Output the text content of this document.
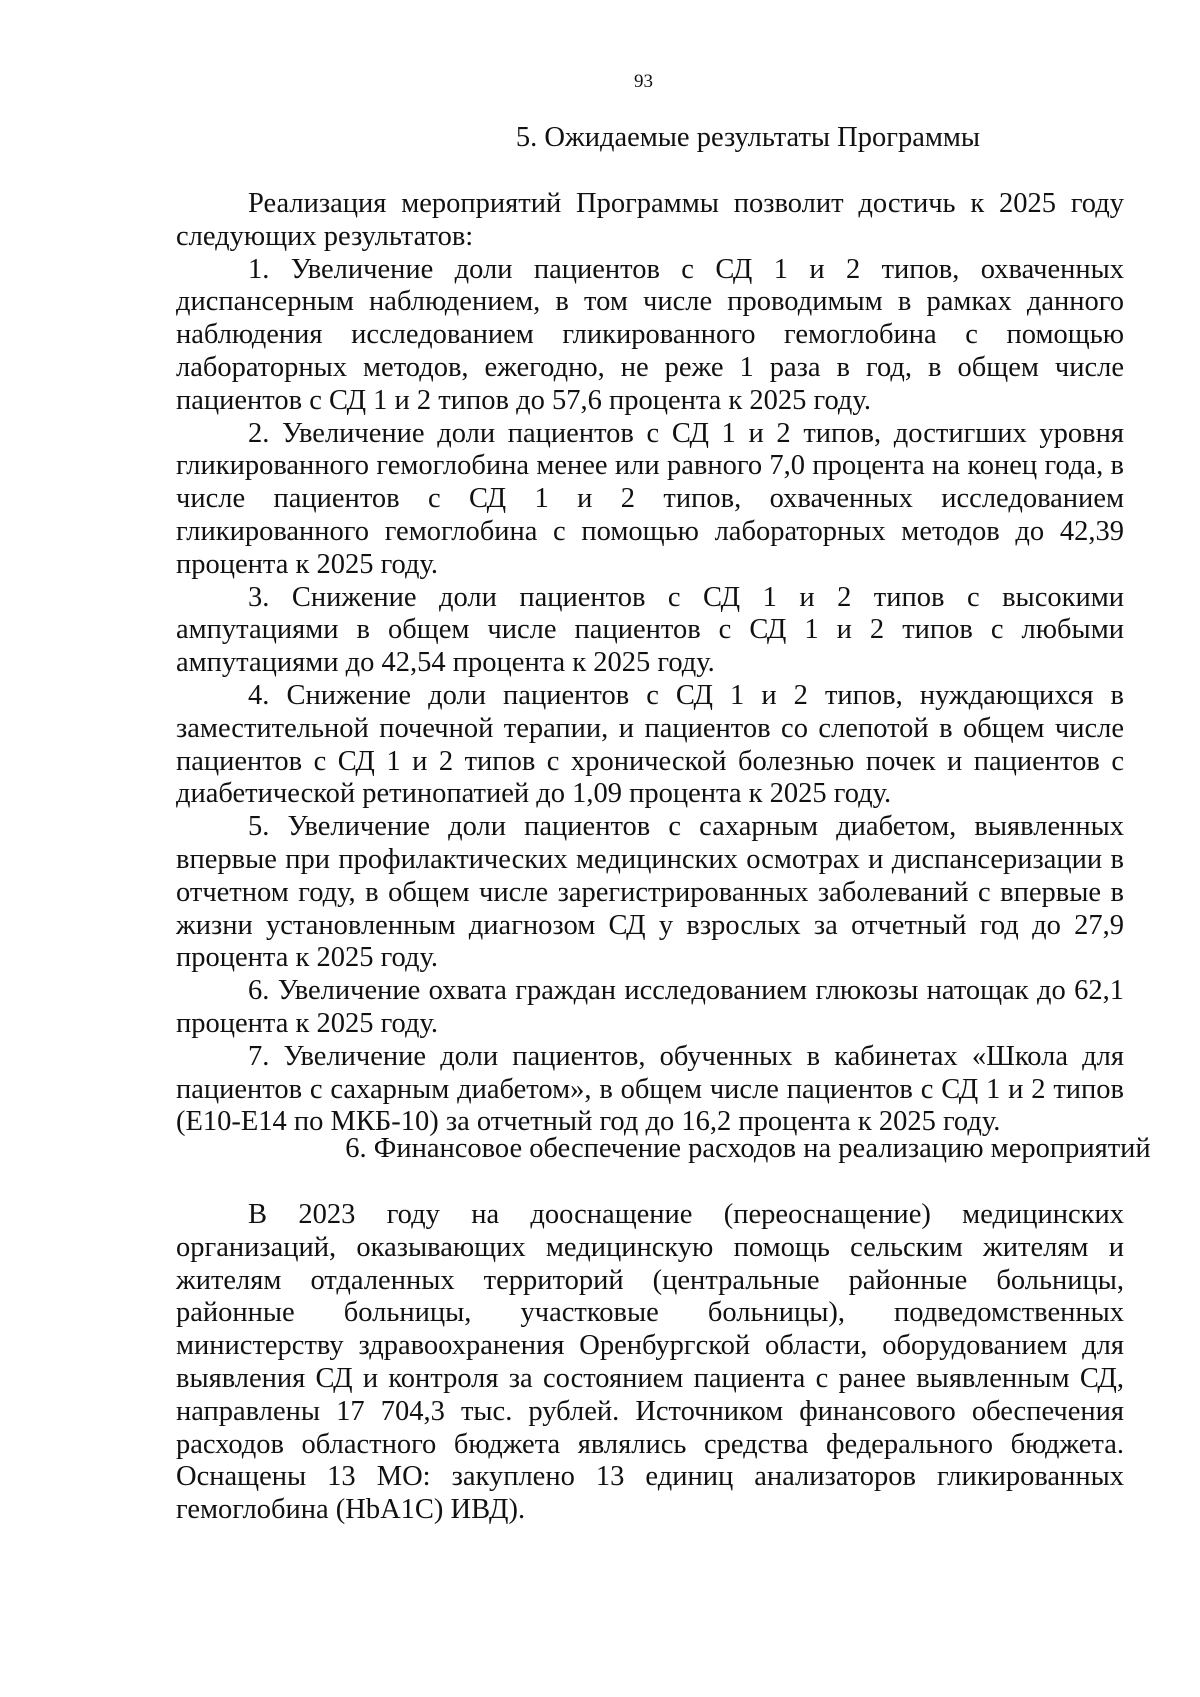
93
5. Ожидаемые результаты Программы

Реализация мероприятий Программы позволит достичь к 2025 году следующих результатов:

1. Увеличение доли пациентов с СД 1 и 2 типов, охваченных диспансерным наблюдением, в том числе проводимым в рамках данного наблюдения исследованием гликированного гемоглобина с помощью лабораторных методов, ежегодно, не реже 1 раза в год, в общем числе пациентов с СД 1 и 2 типов до 57,6 процента к 2025 году.

2. Увеличение доли пациентов с СД 1 и 2 типов, достигших уровня гликированного гемоглобина менее или равного 7,0 процента на конец года, в числе пациентов с СД 1 и 2 типов, охваченных исследованием гликированного гемоглобина с помощью лабораторных методов до 42,39 процента к 2025 году.

3. Снижение доли пациентов с СД 1 и 2 типов с высокими ампутациями в общем числе пациентов с СД 1 и 2 типов с любыми ампутациями до 42,54 процента к 2025 году.

4. Снижение доли пациентов с СД 1 и 2 типов, нуждающихся в заместительной почечной терапии, и пациентов со слепотой в общем числе пациентов с СД 1 и 2 типов с хронической болезнью почек и пациентов с диабетической ретинопатией до 1,09 процента к 2025 году.

5. Увеличение доли пациентов с сахарным диабетом, выявленных впервые при профилактических медицинских осмотрах и диспансеризации в отчетном году, в общем числе зарегистрированных заболеваний с впервые в жизни установленным диагнозом СД у взрослых за отчетный год до 27,9 процента к 2025 году.

6. Увеличение охвата граждан исследованием глюкозы натощак до 62,1 процента к 2025 году.

7. Увеличение доли пациентов, обученных в кабинетах «Школа для пациентов с сахарным диабетом», в общем числе пациентов с СД 1 и 2 типов (Е10-Е14 по МКБ-10) за отчетный год до 16,2 процента к 2025 году.

6. Финансовое обеспечение расходов на реализацию мероприятий

В 2023 году на дооснащение (переоснащение) медицинских организаций, оказывающих медицинскую помощь сельским жителям и жителям отдаленных территорий (центральные районные больницы, районные больницы, участковые больницы), подведомственных министерству здравоохранения Оренбургской области, оборудованием для выявления СД и контроля за состоянием пациента с ранее выявленным СД, направлены 17 704,3 тыс. рублей. Источником финансового обеспечения расходов областного бюджета являлись средства федерального бюджета. Оснащены 13 МО: закуплено 13 единиц анализаторов гликированных гемоглобина (HbA1C) ИВД).
